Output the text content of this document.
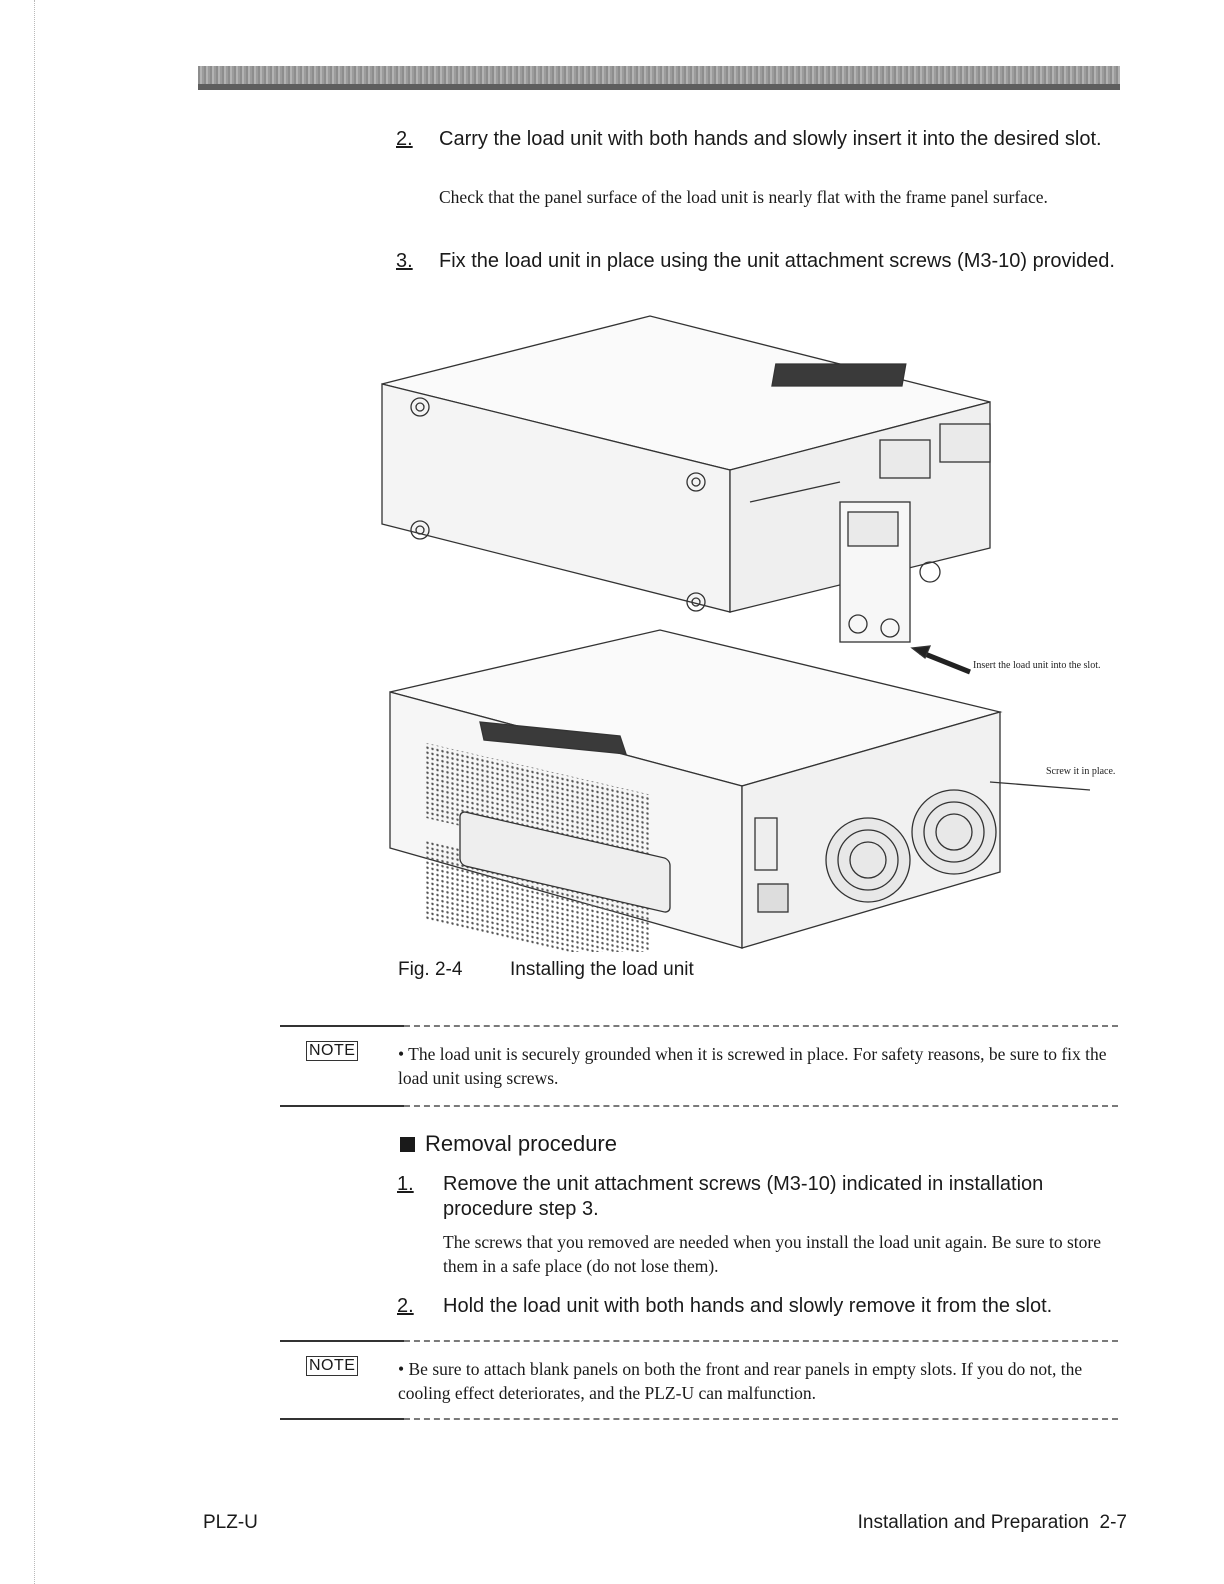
2. Carry the load unit with both hands and slowly insert it into the desired slot.
Check that the panel surface of the load unit is nearly flat with the frame panel surface.
3. Fix the load unit in place using the unit attachment screws (M3-10) provided.
Insert the load unit into the slot.
Screw it in place.
Fig. 2-4	Installing the load unit
NOTE • The load unit is securely grounded when it is screwed in place. For safety reasons, be sure to fix the load unit using screws.
Removal procedure
1. Remove the unit attachment screws (M3-10) indicated in installation procedure step 3.
The screws that you removed are needed when you install the load unit again. Be sure to store them in a safe place (do not lose them).
2. Hold the load unit with both hands and slowly remove it from the slot.
NOTE • Be sure to attach blank panels on both the front and rear panels in empty slots. If you do not, the cooling effect deteriorates, and the PLZ-U can malfunction.
PLZ-U	Installation and Preparation  2-7
